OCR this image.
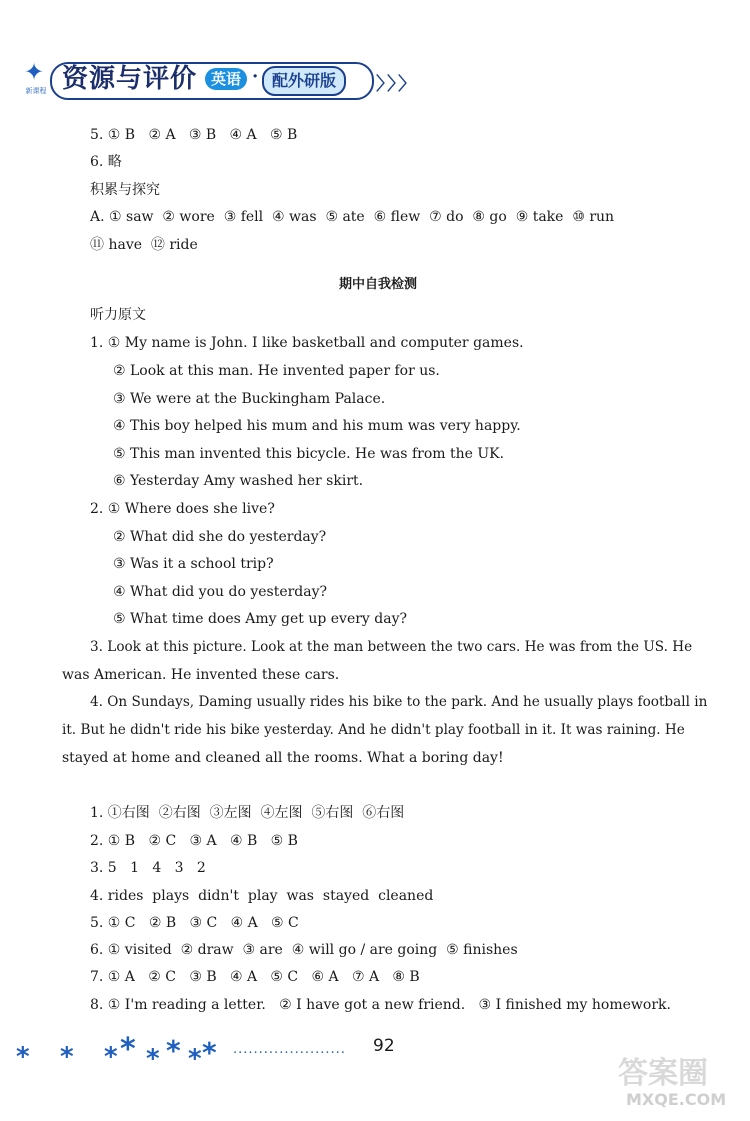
✦
新课程 资源与评价 英语 · 配外研版	〉〉〉
5. ① B   ② A   ③ B   ④ A   ⑤ B
6. 略
积累与探究
A. ① saw  ② wore  ③ fell  ④ was  ⑤ ate  ⑥ flew  ⑦ do  ⑧ go  ⑨ take  ⑩ run
⑪ have  ⑫ ride
期中自我检测
听力原文
1. ① My name is John. I like basketball and computer games.
② Look at this man. He invented paper for us.
③ We were at the Buckingham Palace.
④ This boy helped his mum and his mum was very happy.
⑤ This man invented this bicycle. He was from the UK.
⑥ Yesterday Amy washed her skirt.
2. ① Where does she live?
② What did she do yesterday?
③ Was it a school trip?
④ What did you do yesterday?
⑤ What time does Amy get up every day?
3. Look at this picture. Look at the man between the two cars. He was from the US. He
was American. He invented these cars.
4. On Sundays, Daming usually rides his bike to the park. And he usually plays football in
it. But he didn't ride his bike yesterday. And he didn't play football in it. It was raining. He
stayed at home and cleaned all the rooms. What a boring day!
1. ①右图  ②右图  ③左图  ④左图  ⑤右图  ⑥右图
2. ① B   ② C   ③ A   ④ B   ⑤ B
3. 5   1   4   3   2
4. rides  plays  didn't  play  was  stayed  cleaned
5. ① C   ② B   ③ C   ④ A   ⑤ C
6. ① visited  ② draw  ③ are  ④ will go / are going  ⑤ finishes
7. ① A   ② C   ③ B   ④ A   ⑤ C   ⑥ A   ⑦ A   ⑧ B
8. ① I'm reading a letter.   ② I have got a new friend.   ③ I finished my homework.
* * * * * * * * ...................... 92
答案圈
MXQE.COM
